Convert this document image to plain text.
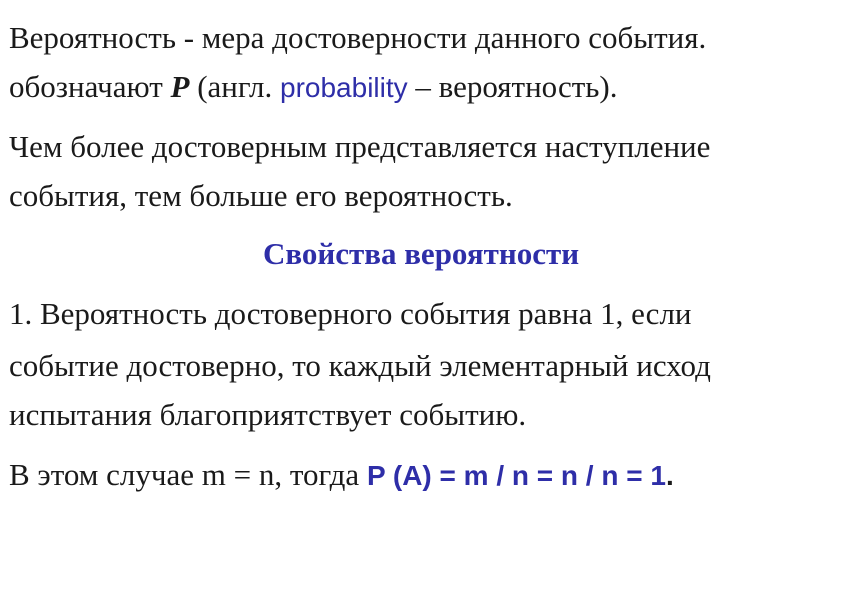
Вероятность - мера достоверности данного события.
обозначают P (англ. probability – вероятность).
Чем более достоверным представляется наступление
события, тем больше его вероятность.
Свойства вероятности
1. Вероятность достоверного события равна 1, если
событие достоверно, то каждый элементарный исход
испытания благоприятствует событию.
В этом случае m = n, тогда P (A) = m / n = n / n = 1.
